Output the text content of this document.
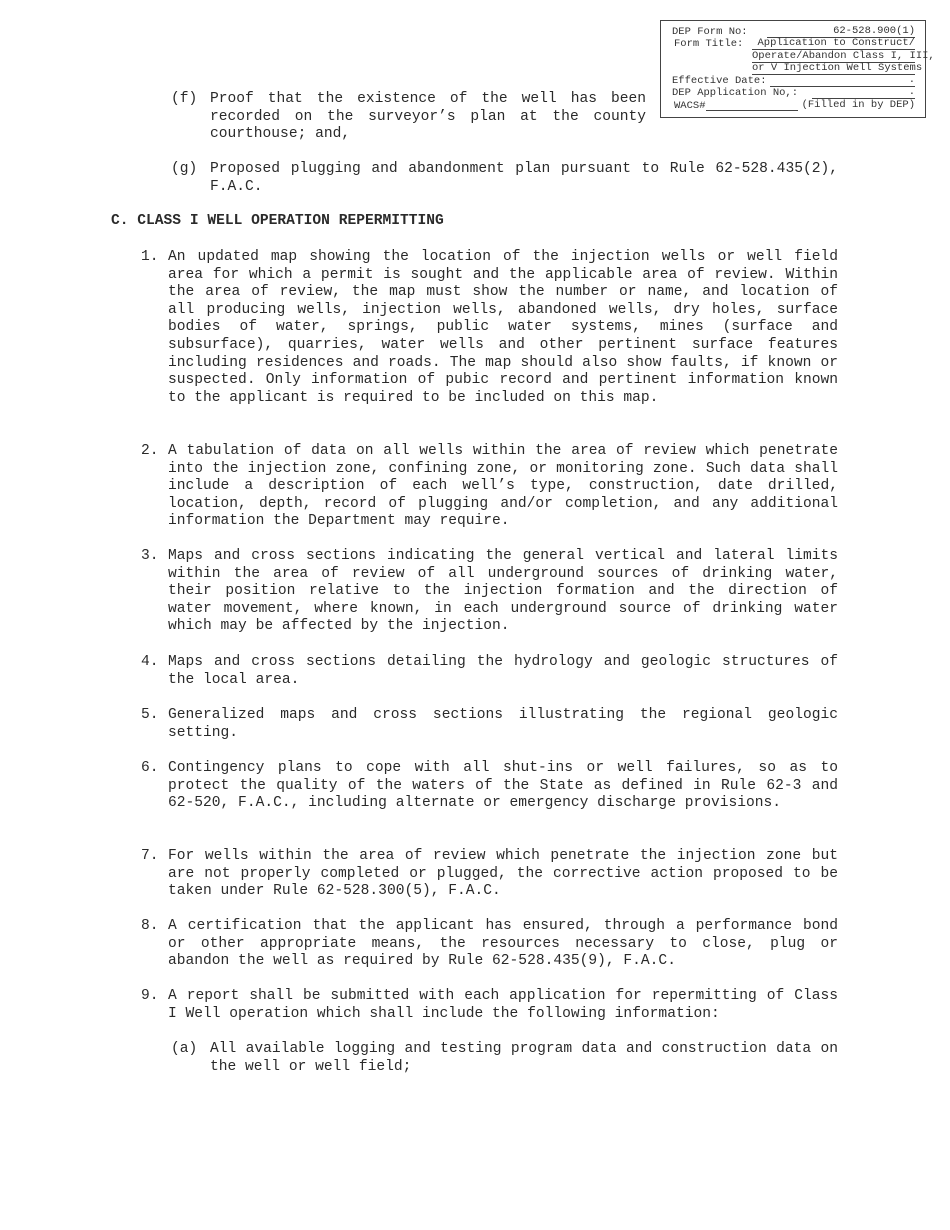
DEP Form No:	62-528.900(1)
Form Title:	Application to Construct/
Operate/Abandon Class I, III,
or V Injection Well Systems
Effective Date:	.
DEP Application No,:	.
WACS#	(Filled in by DEP)
(f) Proof that the existence of the well has been recorded on the surveyor’s plan at the county courthouse; and,
(g) Proposed plugging and abandonment plan pursuant to Rule 62-528.435(2), F.A.C.
C. CLASS I WELL OPERATION REPERMITTING
1. An updated map showing the location of the injection wells or well field area for which a permit is sought and the applicable area of review. Within the area of review, the map must show the number or name, and location of all producing wells, injection wells, abandoned wells, dry holes, surface bodies of water, springs, public water systems, mines (surface and subsurface), quarries, water wells and other pertinent surface features including residences and roads. The map should also show faults, if known or suspected. Only information of pubic record and pertinent information known to the applicant is required to be included on this map.
2. A tabulation of data on all wells within the area of review which penetrate into the injection zone, confining zone, or monitoring zone. Such data shall include a description of each well’s type, construction, date drilled, location, depth, record of plugging and/or completion, and any additional information the Department may require.
3. Maps and cross sections indicating the general vertical and lateral limits within the area of review of all underground sources of drinking water, their position relative to the injection formation and the direction of water movement, where known, in each underground source of drinking water which may be affected by the injection.
4. Maps and cross sections detailing the hydrology and geologic structures of the local area.
5. Generalized maps and cross sections illustrating the regional geologic setting.
6. Contingency plans to cope with all shut-ins or well failures, so as to protect the quality of the waters of the State as defined in Rule 62-3 and 62-520, F.A.C., including alternate or emergency discharge provisions.
7. For wells within the area of review which penetrate the injection zone but are not properly completed or plugged, the corrective action proposed to be taken under Rule 62-528.300(5), F.A.C.
8. A certification that the applicant has ensured, through a performance bond or other appropriate means, the resources necessary to close, plug or abandon the well as required by Rule 62-528.435(9), F.A.C.
9. A report shall be submitted with each application for repermitting of Class I Well operation which shall include the following information:
(a) All available logging and testing program data and construction data on the well or well field;
